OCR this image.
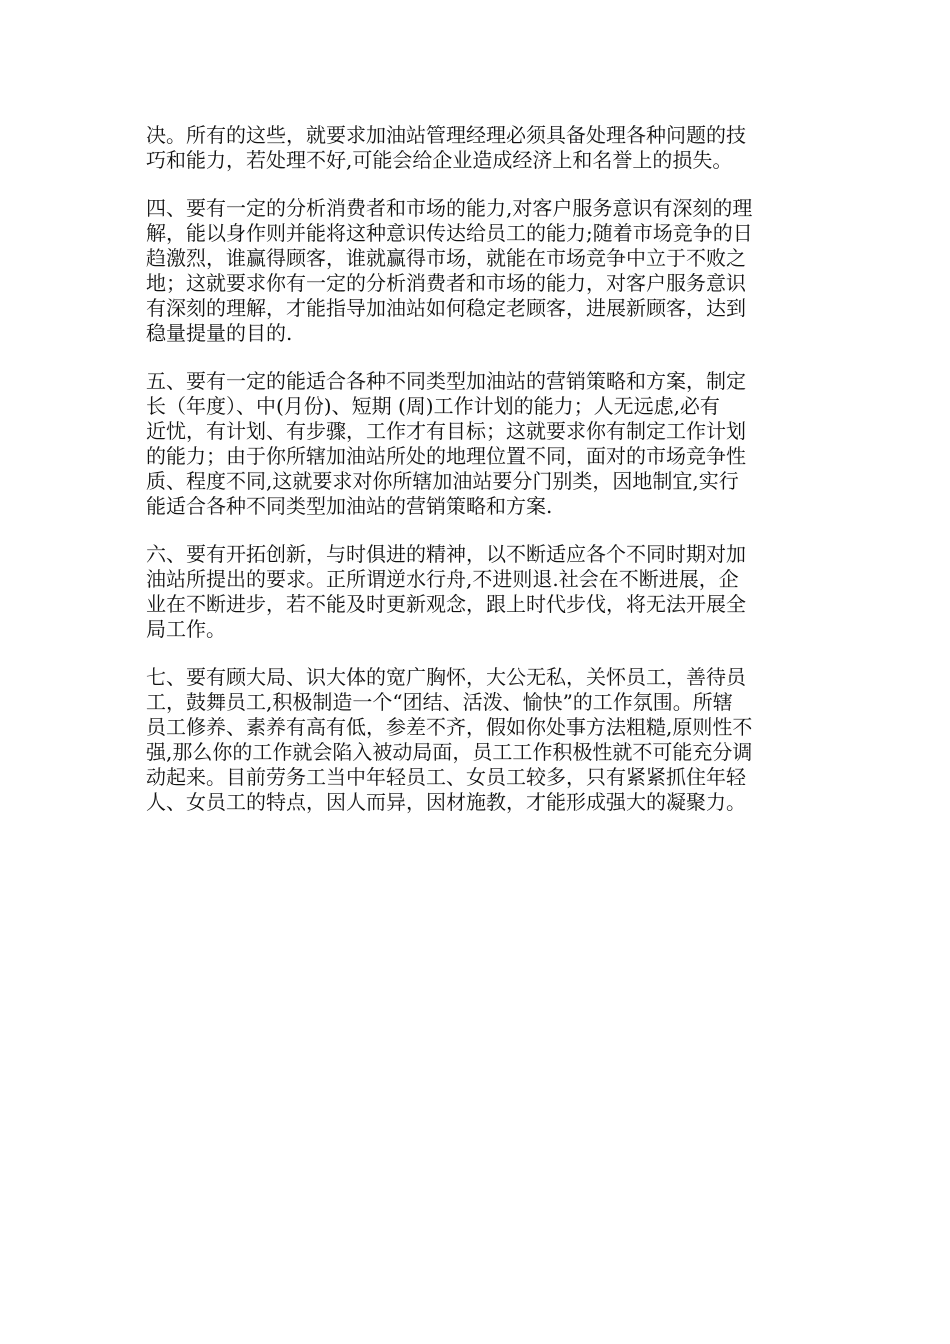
决。所有的这些，就要求加油站管理经理必须具备处理各种问题的技
巧和能力，若处理不好,可能会给企业造成经济上和名誉上的损失。

四、要有一定的分析消费者和市场的能力,对客户服务意识有深刻的理
解，能以身作则并能将这种意识传达给员工的能力;随着市场竞争的日
趋激烈，谁赢得顾客，谁就赢得市场，就能在市场竞争中立于不败之
地；这就要求你有一定的分析消费者和市场的能力，对客户服务意识
有深刻的理解，才能指导加油站如何稳定老顾客，进展新顾客，达到
稳量提量的目的.

五、要有一定的能适合各种不同类型加油站的营销策略和方案，制定
长（年度）、中(月份)、短期 (周)工作计划的能力；人无远虑,必有
近忧，有计划、有步骤，工作才有目标；这就要求你有制定工作计划
的能力；由于你所辖加油站所处的地理位置不同，面对的市场竞争性
质、程度不同,这就要求对你所辖加油站要分门别类，因地制宜,实行
能适合各种不同类型加油站的营销策略和方案.

六、要有开拓创新，与时俱进的精神，以不断适应各个不同时期对加
油站所提出的要求。正所谓逆水行舟,不进则退.社会在不断进展，企
业在不断进步，若不能及时更新观念，跟上时代步伐，将无法开展全
局工作。

七、要有顾大局、识大体的宽广胸怀，大公无私，关怀员工，善待员
工，鼓舞员工,积极制造一个“团结、活泼、愉快”的工作氛围。所辖
员工修养、素养有高有低，参差不齐，假如你处事方法粗糙,原则性不
强,那么你的工作就会陷入被动局面，员工工作积极性就不可能充分调
动起来。目前劳务工当中年轻员工、女员工较多，只有紧紧抓住年轻
人、女员工的特点，因人而异，因材施教，才能形成强大的凝聚力。
